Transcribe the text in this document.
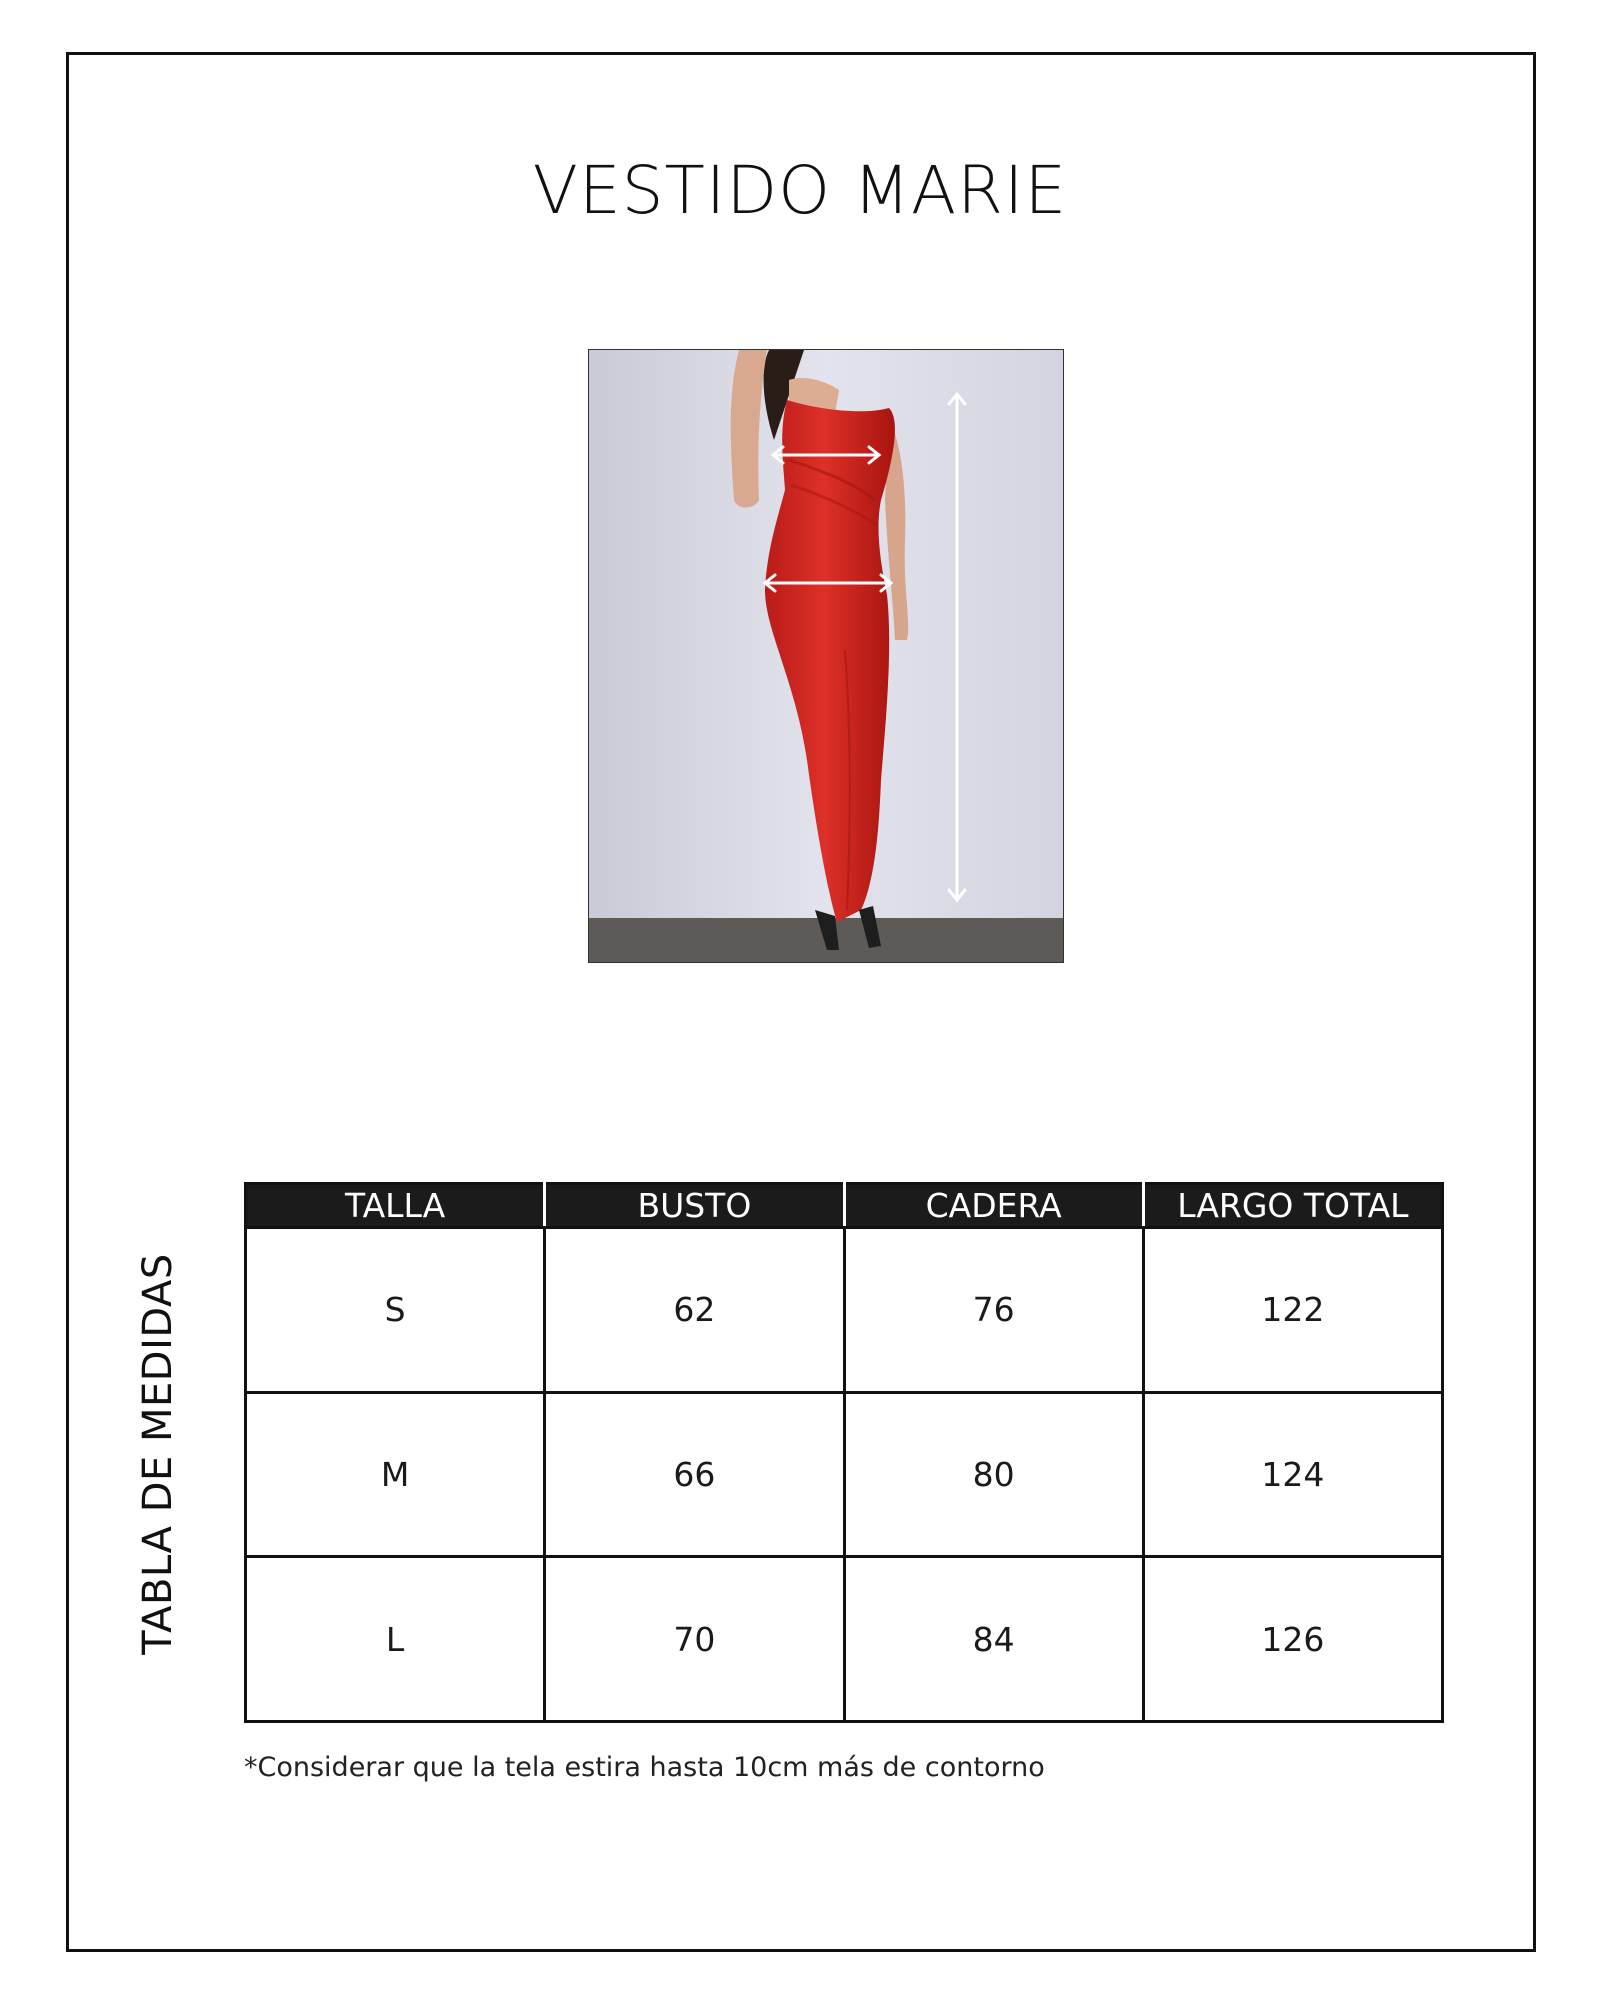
VESTIDO MARIE
TABLA DE MEDIDAS
TALLA	BUSTO	CADERA	LARGO TOTAL
S	62	76	122
M	66	80	124
L	70	84	126
*Considerar que la tela estira hasta 10cm más de contorno
